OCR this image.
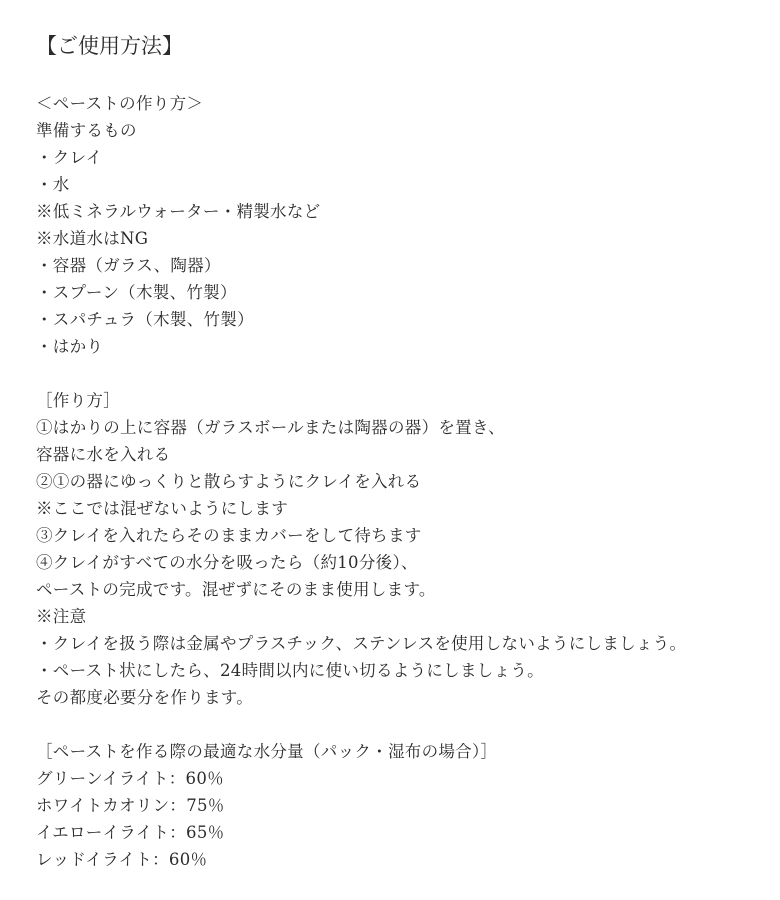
【ご使用方法】
＜ペーストの作り方＞
準備するもの
・クレイ
・水
※低ミネラルウォーター・精製水など
※水道水はNG
・容器（ガラス、陶器）
・スプーン（木製、竹製）
・スパチュラ（木製、竹製）
・はかり
［作り方］
①はかりの上に容器（ガラスボールまたは陶器の器）を置き、
容器に水を入れる
②①の器にゆっくりと散らすようにクレイを入れる
※ここでは混ぜないようにします
③クレイを入れたらそのままカバーをして待ちます
④クレイがすべての水分を吸ったら（約10分後）、
ペーストの完成です。混ぜずにそのまま使用します。
※注意
・クレイを扱う際は金属やプラスチック、ステンレスを使用しないようにしましょう。
・ペースト状にしたら、24時間以内に使い切るようにしましょう。
その都度必要分を作ります。
［ペーストを作る際の最適な水分量（パック・湿布の場合）］
グリーンイライト：60％
ホワイトカオリン：75％
イエローイライト：65％
レッドイライト：60％
